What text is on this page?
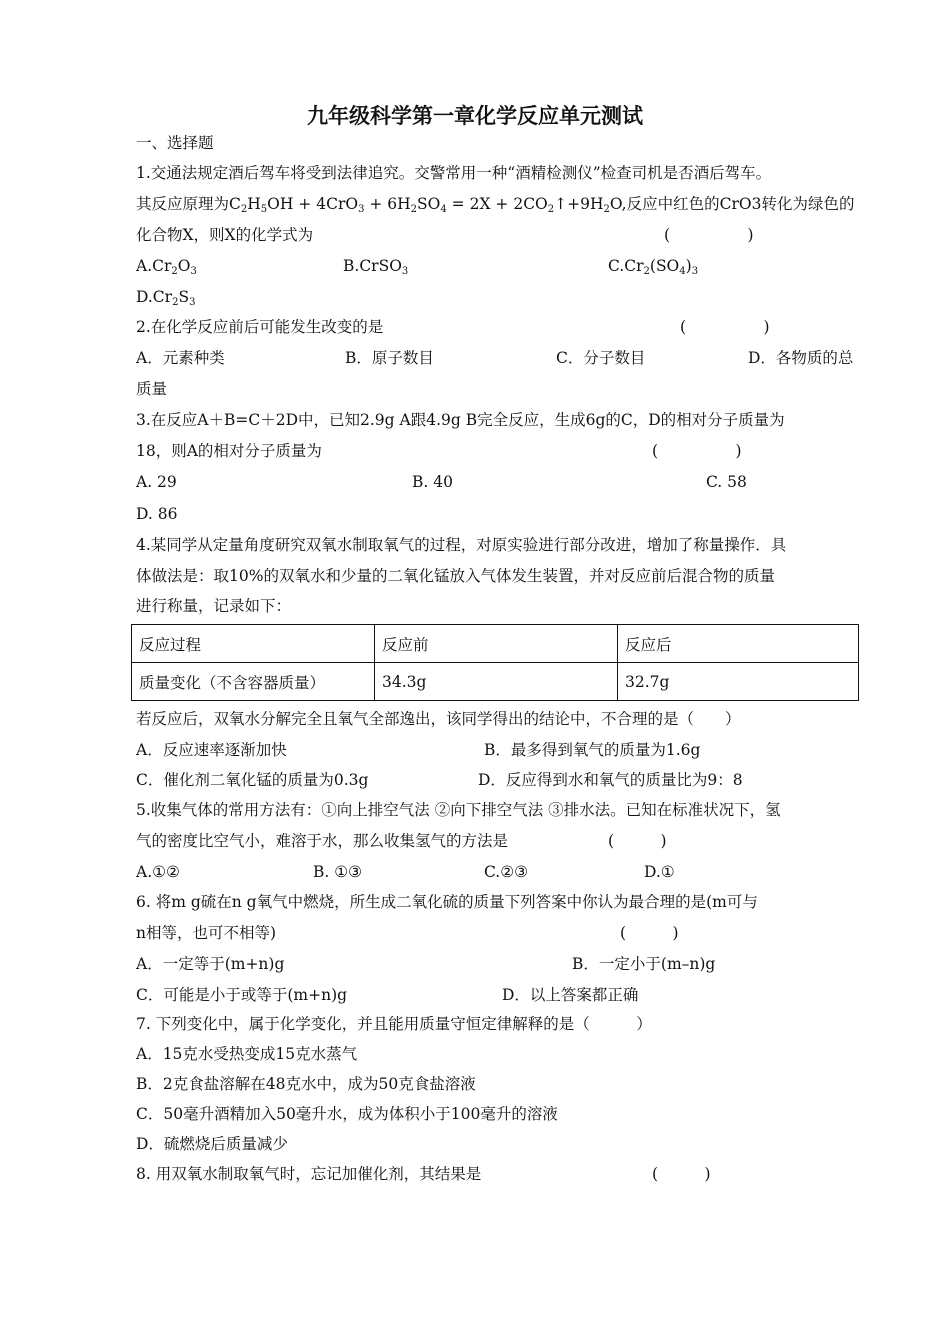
九年级科学第一章化学反应单元测试
一、选择题
1.交通法规定酒后驾车将受到法律追究。交警常用一种“酒精检测仪”检查司机是否酒后驾车。
其反应原理为$C_2H_5OH + 4CrO_3 + 6H_2SO_4 = 2X$ + $2CO_2↑+9H_2O$,反应中红色的CrO3转化为绿色的
化合物X，则X的化学式为	(　　　　　)
$A.Cr_2O_3$	B.CrSO$_3$	$C.Cr_2(SO_4)_3$
$D.Cr_2S_3$
2.在化学反应前后可能发生改变的是	(　　　　　)
A．元素种类	B．原子数目	C．分子数目	D．各物质的总
质量
3.在反应A＋B=C＋2D中，已知2.9g A跟4.9g B完全反应，生成6g的C，D的相对分子质量为
18，则A的相对分子质量为	(　　　　　)
A. 29	B. 40	C. 58
D. 86
4.某同学从定量角度研究双氧水制取氧气的过程，对原实验进行部分改进，增加了称量操作．具
体做法是：取10%的双氧水和少量的二氧化锰放入气体发生装置，并对反应前后混合物的质量
进行称量，记录如下：
反应过程	反应前	反应后
质量变化（不含容器质量）	34.3g	32.7g
若反应后，双氧水分解完全且氧气全部逸出，该同学得出的结论中，不合理的是（　　）
A．反应速率逐渐加快	B．最多得到氧气的质量为1.6g
C．催化剂二氧化锰的质量为0.3g	D．反应得到水和氧气的质量比为9：8
5.收集气体的常用方法有：①向上排空气法 ②向下排空气法 ③排水法。已知在标准状况下，氢
气的密度比空气小，难溶于水，那么收集氢气的方法是	(　　　)
A.①②	B. ①③	C.②③	D.①
6. 将m g硫在n g氧气中燃烧，所生成二氧化硫的质量下列答案中你认为最合理的是(m可与
n相等，也可不相等)	(　　　)
A．一定等于(m+n)g	B．一定小于(m–n)g
C．可能是小于或等于(m+n)g	D．以上答案都正确
7. 下列变化中，属于化学变化，并且能用质量守恒定律解释的是（　　　）
A．15克水受热变成15克水蒸气
B．2克食盐溶解在48克水中，成为50克食盐溶液
C．50毫升酒精加入50毫升水，成为体积小于100毫升的溶液
D．硫燃烧后质量减少
8. 用双氧水制取氧气时，忘记加催化剂，其结果是	(　　　)
